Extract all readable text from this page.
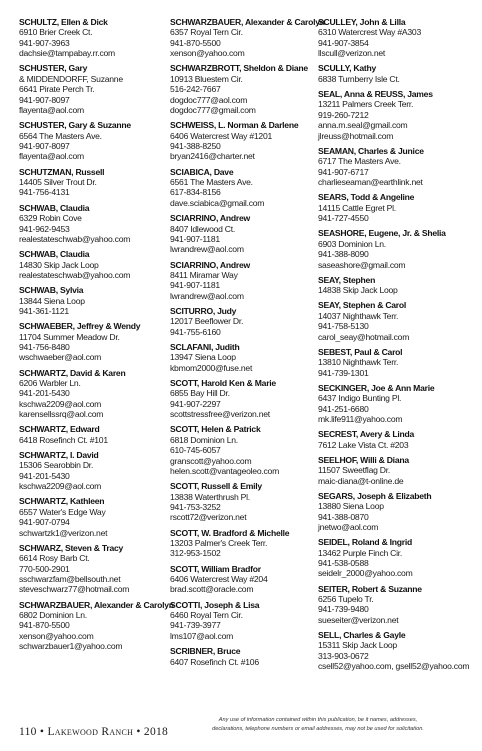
SCHULTZ, Ellen & Dick
6910 Brier Creek Ct.
941-907-3963
dachsie@tampabay.rr.com
SCHUSTER, Gary
& MIDDENDORFF, Suzanne
6641 Pirate Perch Tr.
941-907-8097
flayenta@aol.com
SCHUSTER, Gary & Suzanne
6564 The Masters Ave.
941-907-8097
flayenta@aol.com
SCHUTZMAN, Russell
14405 Silver Trout Dr.
941-756-4131
SCHWAB, Claudia
6329 Robin Cove
941-962-9453
realestateschwab@yahoo.com
SCHWAB, Claudia
14830 Skip Jack Loop
realestateschwab@yahoo.com
SCHWAB, Sylvia
13844 Siena Loop
941-361-1121
SCHWAEBER, Jeffrey & Wendy
11704 Summer Meadow Dr.
941-756-8480
wschwaeber@aol.com
SCHWARTZ, David & Karen
6206 Warbler Ln.
941-201-5430
kschwa2209@aol.com
karensellssrq@aol.com
SCHWARTZ, Edward
6418 Rosefinch Ct. #101
SCHWARTZ, I. David
15306 Searobbin Dr.
941-201-5430
kschwa2209@aol.com
SCHWARTZ, Kathleen
6557 Water's Edge Way
941-907-0794
schwartzk1@verizon.net
SCHWARZ, Steven & Tracy
6614 Rosy Barb Ct.
770-500-2901
sschwarzfam@bellsouth.net
steveschwarz77@hotmail.com
SCHWARZBAUER, Alexander & Carolyn
6802 Dominion Ln.
941-870-5500
xenson@yahoo.com
schwarzbauer1@yahoo.com
SCHWARZBAUER, Alexander & Carolyn
6357 Royal Tern Cir.
941-870-5500
xenson@yahoo.com
SCHWARZBROTT, Sheldon & Diane
10913 Bluestem Cir.
516-242-7667
dogdoc777@aol.com
dogdoc777@gmail.com
SCHWEISS, L. Norman & Darlene
6406 Watercrest Way #1201
941-388-8250
bryan2416@charter.net
SCIABICA, Dave
6561 The Masters Ave.
617-834-8156
dave.sciabica@gmail.com
SCIARRINO, Andrew
8407 Idlewood Ct.
941-907-1181
lwrandrew@aol.com
SCIARRINO, Andrew
8411 Miramar Way
941-907-1181
lwrandrew@aol.com
SCITURRO, Judy
12017 Beeflower Dr.
941-755-6160
SCLAFANI, Judith
13947 Siena Loop
kbmom2000@fuse.net
SCOTT, Harold Ken & Marie
6855 Bay Hill Dr.
941-907-2297
scottstressfree@verizon.net
SCOTT, Helen & Patrick
6818 Dominion Ln.
610-745-6057
granscott@yahoo.com
helen.scott@vantageoleo.com
SCOTT, Russell & Emily
13838 Waterthrush Pl.
941-753-3252
rscott72@verizon.net
SCOTT, W. Bradford & Michelle
13203 Palmer's Creek Terr.
312-953-1502
SCOTT, William Bradfor
6406 Watercrest Way #204
brad.scott@oracle.com
SCOTTI, Joseph & Lisa
6460 Royal Tern Cir.
941-739-3977
lms107@aol.com
SCRIBNER, Bruce
6407 Rosefinch Ct. #106
SCULLEY, John & Lilla
6310 Watercrest Way #A303
941-907-3854
llscull@verizon.net
SCULLY, Kathy
6838 Turnberry Isle Ct.
SEAL, Anna & REUSS, James
13211 Palmers Creek Terr.
919-260-7212
anna.m.seal@gmail.com
jlreuss@hotmail.com
SEAMAN, Charles & Junice
6717 The Masters Ave.
941-907-6717
charlieseaman@earthlink.net
SEARS, Todd & Angeline
14115 Cattle Egret Pl.
941-727-4550
SEASHORE, Eugene, Jr. & Shelia
6903 Dominion Ln.
941-388-8090
saseashore@gmail.com
SEAY, Stephen
14838 Skip Jack Loop
SEAY, Stephen & Carol
14037 Nighthawk Terr.
941-758-5130
carol_seay@hotmail.com
SEBEST, Paul & Carol
13810 Nighthawk Terr.
941-739-1301
SECKINGER, Joe & Ann Marie
6437 Indigo Bunting Pl.
941-251-6680
mk.life911@yahoo.com
SECREST, Avery & Linda
7612 Lake Vista Ct. #203
SEELHOF, Willi & Diana
11507 Sweetflag Dr.
maic-diana@t-online.de
SEGARS, Joseph & Elizabeth
13880 Siena Loop
941-388-0870
jnetwo@aol.com
SEIDEL, Roland & Ingrid
13462 Purple Finch Cir.
941-538-0588
seidelr_2000@yahoo.com
SEITER, Robert & Suzanne
6256 Tupelo Tr.
941-739-9480
sueseiter@verizon.net
SELL, Charles & Gayle
15311 Skip Jack Loop
313-903-0672
csell52@yahoo.com, gsell52@yahoo.com
110 • Lakewood Ranch • 2018
Any use of information contained within this publication, be it names, addresses,
declarations, telephone numbers or email addresses, may not be used for solicitation.
